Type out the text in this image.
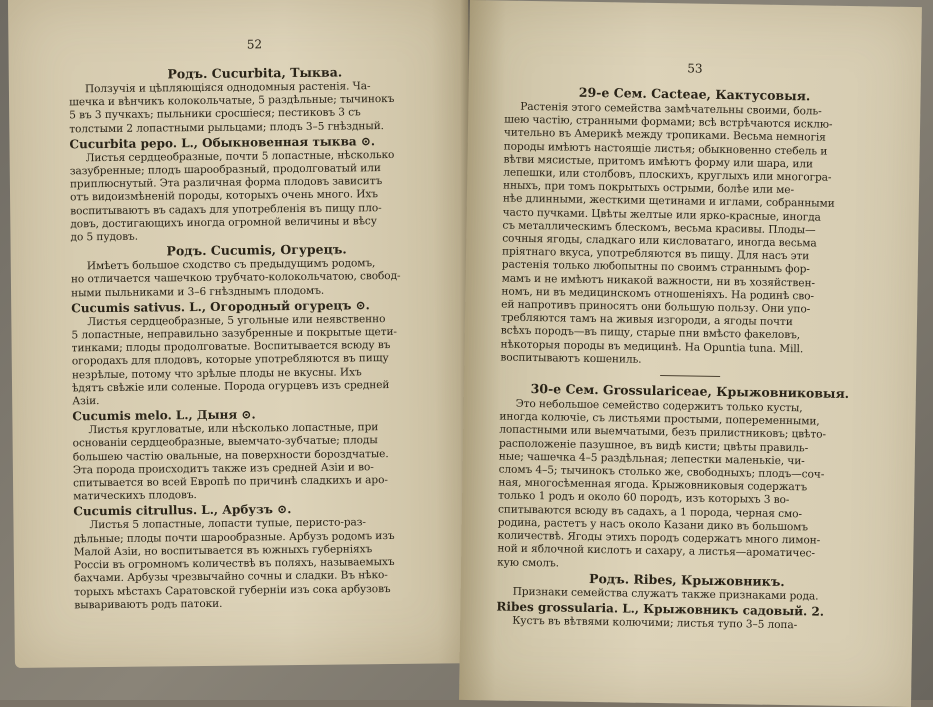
52
Родъ. Cucurbita, Тыква.
Ползучія и цѣпляющіяся однодомныя растенія. Ча-
шечка и вѣнчикъ колокольчатые, 5 раздѣльные; тычинокъ
5 въ 3 пучкахъ; пыльники сросшіеся; пестиковъ 3 съ
толстыми 2 лопастными рыльцами; плодъ 3–5 гнѣздный.
Cucurbita pepo. L., Обыкновенная тыква ⊙.
Листья сердцеобразные, почти 5 лопастные, нѣсколько
зазубренные; плодъ шарообразный, продолговатый или
приплюснутый. Эта различная форма плодовъ зависитъ
отъ видоизмѣненій породы, которыхъ очень много. Ихъ
воспитываютъ въ садахъ для употребленія въ пищу пло-
довъ, достигающихъ иногда огромной величины и вѣсу
до 5 пудовъ.
Родъ. Cucumis, Огурецъ.
Имѣетъ большое сходство съ предыдущимъ родомъ,
но отличается чашечкою трубчато-колокольчатою, свобод-
ными пыльниками и 3–6 гнѣзднымъ плодомъ.
Cucumis sativus. L., Огородный огурецъ ⊙.
Листья сердцеобразные, 5 угольные или неявственно
5 лопастные, неправильно зазубренные и покрытые щети-
тинками; плоды продолговатые. Воспитывается всюду въ
огородахъ для плодовъ, которые употребляются въ пищу
незрѣлые, потому что зрѣлые плоды не вкусны. Ихъ
ѣдятъ свѣжіе или соленые. Порода огурцевъ изъ средней
Азіи.
Cucumis melo. L., Дыня ⊙.
Листья кругловатые, или нѣсколько лопастные, при
основаніи сердцеобразные, выемчато-зубчатые; плоды
большею частію овальные, на поверхности бороздчатые.
Эта порода происходитъ также изъ средней Азіи и во-
спитывается во всей Европѣ по причинѣ сладкихъ и аро-
матическихъ плодовъ.
Cucumis citrullus. L., Арбузъ ⊙.
Листья 5 лопастные, лопасти тупые, перисто-раз-
дѣльные; плоды почти шарообразные. Арбузъ родомъ изъ
Малой Азіи, но воспитывается въ южныхъ губерніяхъ
Россіи въ огромномъ количествѣ въ поляхъ, называемыхъ
бахчами. Арбузы чрезвычайно сочны и сладки. Въ нѣко-
торыхъ мѣстахъ Саратовской губерніи изъ сока арбузовъ
вывариваютъ родъ патоки.
53
29-е Сем. Cacteae, Кактусовыя.
Растенія этого семейства замѣчательны своими, боль-
шею частію, странными формами; всѣ встрѣчаются исклю-
чительно въ Америкѣ между тропиками. Весьма немногія
породы имѣютъ настоящіе листья; обыкновенно стебель и
вѣтви мясистые, притомъ имѣютъ форму или шара, или
лепешки, или столбовъ, плоскихъ, круглыхъ или многогра-
нныхъ, при томъ покрытыхъ острыми, болѣе или ме-
нѣе длинными, жесткими щетинами и иглами, собранными
часто пучками. Цвѣты желтые или ярко-красные, иногда
съ металлическимъ блескомъ, весьма красивы. Плоды—
сочныя ягоды, сладкаго или кисловатаго, иногда весьма
пріятнаго вкуса, употребляются въ пищу. Для насъ эти
растенія только любопытны по своимъ страннымъ фор-
мамъ и не имѣютъ никакой важности, ни въ хозяйствен-
номъ, ни въ медицинскомъ отношеніяхъ. На родинѣ сво-
ей напротивъ приносятъ они большую пользу. Они упо-
требляются тамъ на живыя изгороди, а ягоды почти
всѣхъ породъ—въ пищу, старые пни вмѣсто факеловъ,
нѣкоторыя породы въ медицинѣ. На Opuntia tuna. Mill.
воспитываютъ кошениль.
30-е Сем. Grossulariceae, Крыжовниковыя.
Это небольшое семейство содержитъ только кусты,
иногда колючіе, съ листьями простыми, попеременными,
лопастными или выемчатыми, безъ прилистниковъ; цвѣто-
расположеніе пазушное, въ видѣ кисти; цвѣты правиль-
ные; чашечка 4–5 раздѣльная; лепестки маленькіе, чи-
сломъ 4–5; тычинокъ столько же, свободныхъ; плодъ—соч-
ная, многосѣменная ягода. Крыжовниковыя содержатъ
только 1 родъ и около 60 породъ, изъ которыхъ 3 во-
спитываются всюду въ садахъ, а 1 порода, черная смо-
родина, растетъ у насъ около Казани дико въ большомъ
количествѣ. Ягоды этихъ породъ содержатъ много лимон-
ной и яблочной кислотъ и сахару, а листья—ароматичес-
кую смолъ.
Родъ. Ribes, Крыжовникъ.
Признаки семейства служатъ также признаками рода.
Ribes grossularia. L., Крыжовникъ садовый. 2.
Кустъ въ вѣтвями колючими; листья тупо 3–5 лопа-
